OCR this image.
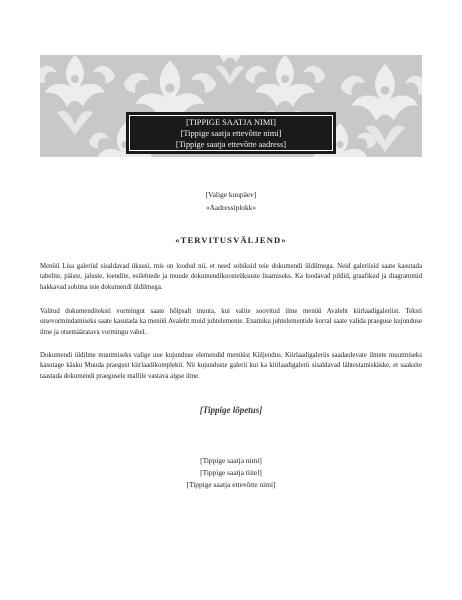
[TIPPIGE SAATJA NIMI]
[Tippige saatja ettevõtte nimi]
[Tippige saatja ettevõtte aadress]
[Valige kuupäev]
«Aadressiplokk»
«TERVITUSVÄLJEND»
Menüü Lisa galeriid sisaldavad üksusi, mis on loodud nii, et need sobiksid teie dokumendi üldilmega. Neid galeriisid saate kasutada tabelite, päiste, jaluste, loendite, esilehtede ja muude dokumendikoosteüksuste lisamiseks. Ka loodavad pildid, graafikud ja diagrammid hakkavad sobima teie dokumendi üldilmega.
Valitud dokumenditeksti vormingut saate hõlpsalt muuta, kui valite soovitud ilme menüü Avaleht kiirlaadigaleriist. Teksti otsevormindamiseks saate kasutada ka menüü Avaleht muid juhtelemente. Enamiku juhtelementide korral saate valida praeguse kujunduse ilme ja otsemääratava vormingu vahel.
Dokumendi üldilme muutmiseks valige uue kujunduse elemendid menüüst Küljendus. Kiirlaadigaleriis saadaolevate ilmete muutmiseks kasutage käsku Muuda praegust kiirlaadikomplekti. Nii kujunduste galerii kui ka kiirlaadigalerii sisaldavad lähtestamiskäske, et saaksite taastada dokumendi praegusele mallile vastava algse ilme.
[Tippige lõpetus]
[Tippige saatja nimi]
[Tippige saatja tiitel]
[Tippige saatja ettevõtte nimi]
